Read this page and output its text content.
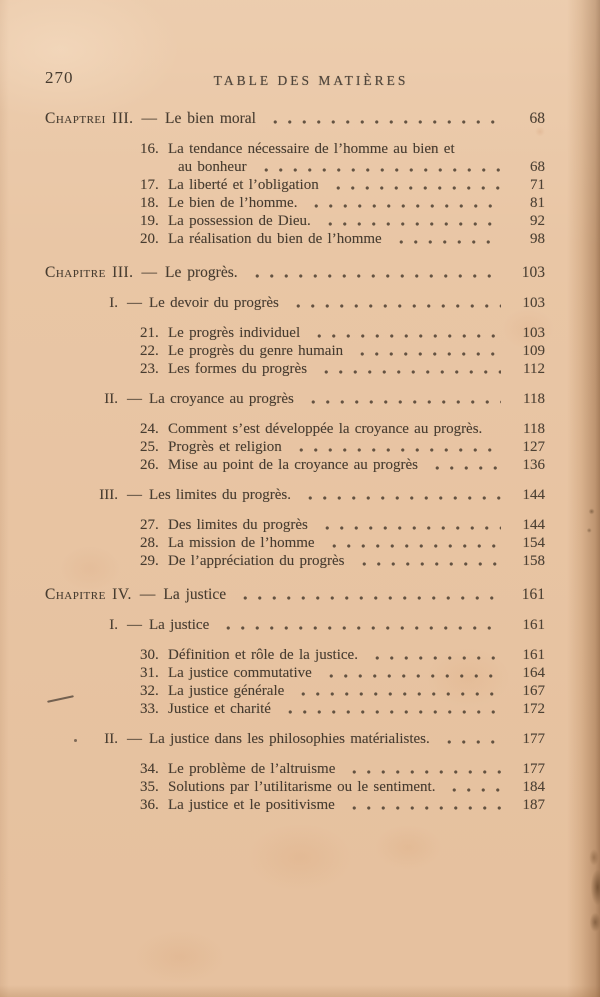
270	TABLE DES MATIÈRES
Chaptrei III. — Le bien moral	68
16. La tendance nécessaire de l’homme au bien et
au bonheur	68
17. La liberté et l’obligation	71
18. Le bien de l’homme.	81
19. La possession de Dieu.	92
20. La réalisation du bien de l’homme	98
Chapitre III. — Le progrès.	103
I. — Le devoir du progrès	103
21. Le progrès individuel	103
22. Le progrès du genre humain	109
23. Les formes du progrès	112
II. — La croyance au progrès	118
24. Comment s’est développée la croyance au progrès.	118
25. Progrès et religion	127
26. Mise au point de la croyance au progrès	136
III. — Les limites du progrès.	144
27. Des limites du progrès	144
28. La mission de l’homme	154
29. De l’appréciation du progrès	158
Chapitre IV. — La justice	161
I. — La justice	161
30. Définition et rôle de la justice.	161
31. La justice commutative	164
32. La justice générale	167
33. Justice et charité	172
II. — La justice dans les philosophies matérialistes.	177
34. Le problème de l’altruisme	177
35. Solutions par l’utilitarisme ou le sentiment.	184
36. La justice et le positivisme	187
